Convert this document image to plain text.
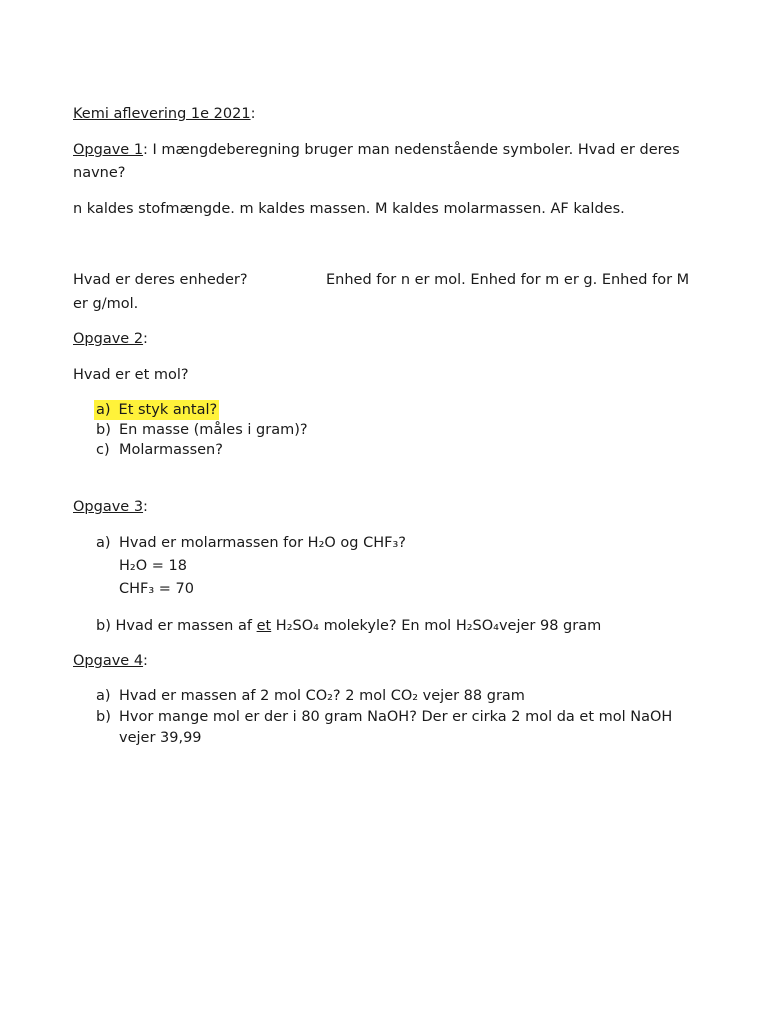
Kemi aflevering 1e 2021:
Opgave 1: I mængdeberegning bruger man nedenstående symboler. Hvad er deres
navne?
n kaldes stofmængde. m kaldes massen. M kaldes molarmassen. AF kaldes.
Hvad er deres enheder?	Enhed for n er mol. Enhed for m er g. Enhed for M
er g/mol.
Opgave 2:
Hvad er et mol?
a) Et styk antal?
b) En masse (måles i gram)?
c) Molarmassen?
Opgave 3:
a) Hvad er molarmassen for H₂O og CHF₃?
H₂O = 18
CHF₃ = 70
b) Hvad er massen af et H₂SO₄ molekyle? En mol H₂SO₄vejer 98 gram
Opgave 4:
a) Hvad er massen af 2 mol CO₂? 2 mol CO₂ vejer 88 gram
b) Hvor mange mol er der i 80 gram NaOH? Der er cirka 2 mol da et mol NaOH
vejer 39,99
